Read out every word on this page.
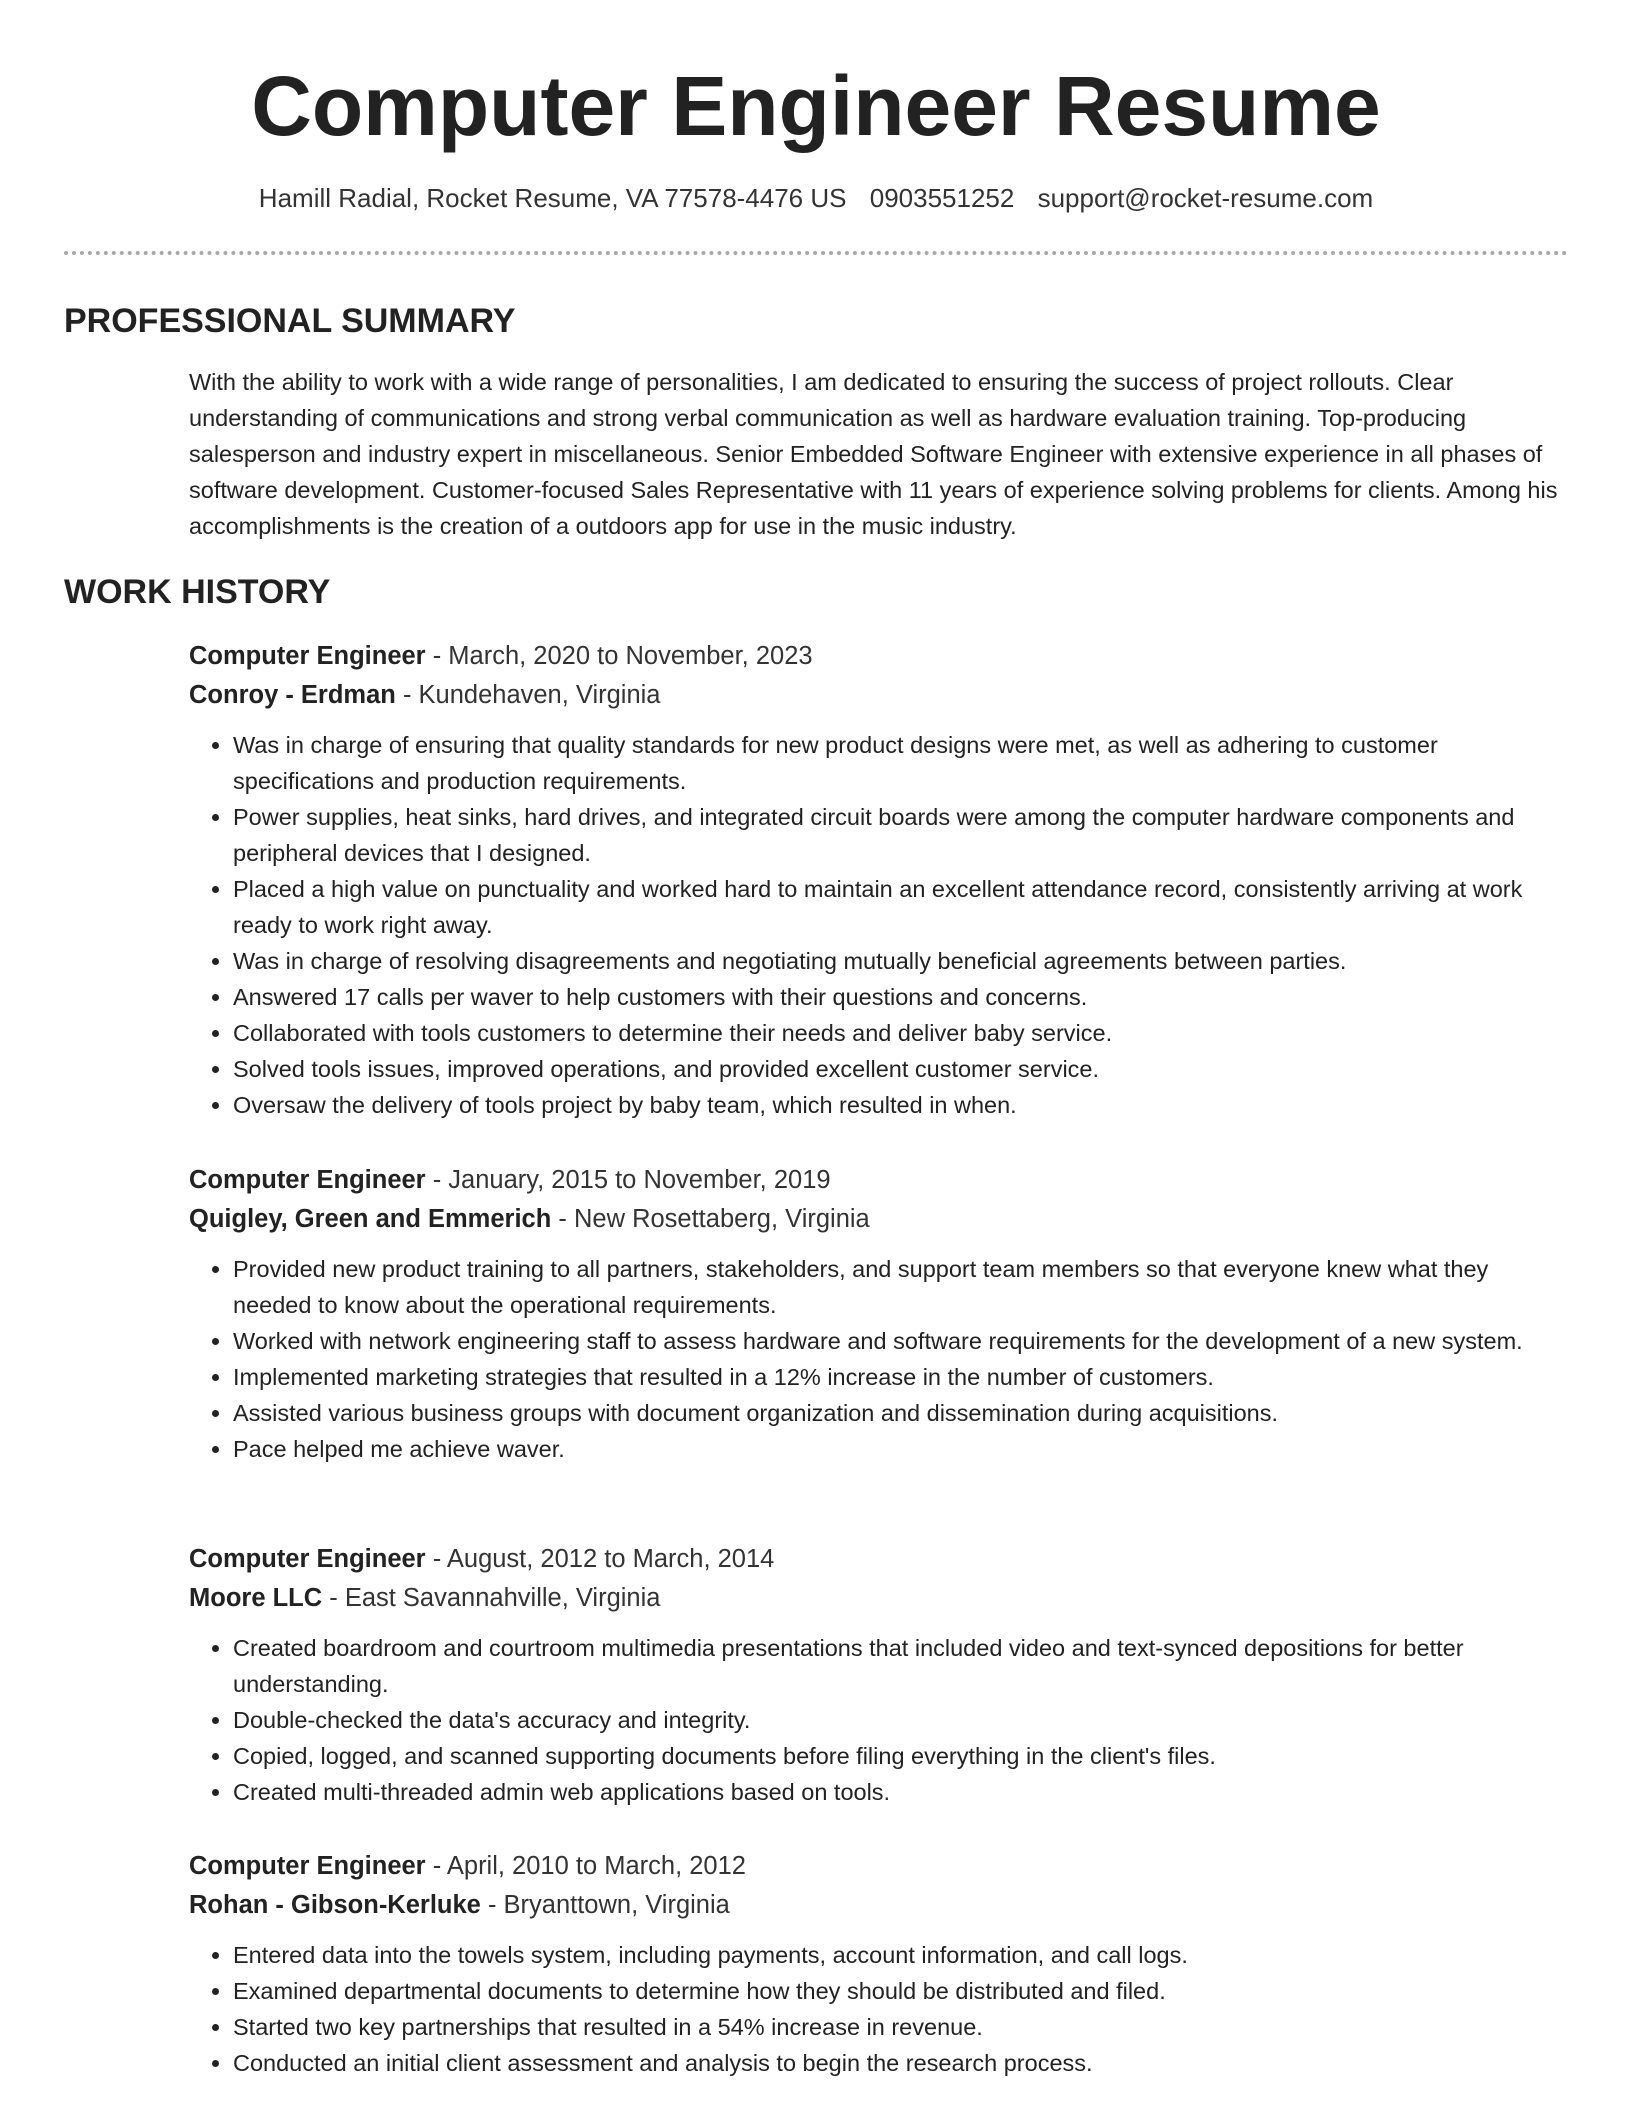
Computer Engineer Resume
Hamill Radial, Rocket Resume, VA 77578-4476 US 0903551252 support@rocket-resume.com
PROFESSIONAL SUMMARY

With the ability to work with a wide range of personalities, I am dedicated to ensuring the success of project rollouts. Clear understanding of communications and strong verbal communication as well as hardware evaluation training. Top-producing salesperson and industry expert in miscellaneous. Senior Embedded Software Engineer with extensive experience in all phases of software development. Customer-focused Sales Representative with 11 years of experience solving problems for clients. Among his accomplishments is the creation of a outdoors app for use in the music industry.

WORK HISTORY

Computer Engineer - March, 2020 to November, 2023

Conroy - Erdman - Kundehaven, Virginia

• Was in charge of ensuring that quality standards for new product designs were met, as well as adhering to customer specifications and production requirements.
• Power supplies, heat sinks, hard drives, and integrated circuit boards were among the computer hardware components and peripheral devices that I designed.
• Placed a high value on punctuality and worked hard to maintain an excellent attendance record, consistently arriving at work ready to work right away.
• Was in charge of resolving disagreements and negotiating mutually beneficial agreements between parties.
• Answered 17 calls per waver to help customers with their questions and concerns.
• Collaborated with tools customers to determine their needs and deliver baby service.
• Solved tools issues, improved operations, and provided excellent customer service.
• Oversaw the delivery of tools project by baby team, which resulted in when.

Computer Engineer - January, 2015 to November, 2019

Quigley, Green and Emmerich - New Rosettaberg, Virginia

• Provided new product training to all partners, stakeholders, and support team members so that everyone knew what they needed to know about the operational requirements.
• Worked with network engineering staff to assess hardware and software requirements for the development of a new system.
• Implemented marketing strategies that resulted in a 12% increase in the number of customers.
• Assisted various business groups with document organization and dissemination during acquisitions.
• Pace helped me achieve waver.

Computer Engineer - August, 2012 to March, 2014

Moore LLC - East Savannahville, Virginia

• Created boardroom and courtroom multimedia presentations that included video and text-synced depositions for better understanding.
• Double-checked the data's accuracy and integrity.
• Copied, logged, and scanned supporting documents before filing everything in the client's files.
• Created multi-threaded admin web applications based on tools.

Computer Engineer - April, 2010 to March, 2012

Rohan - Gibson-Kerluke - Bryanttown, Virginia

• Entered data into the towels system, including payments, account information, and call logs.
• Examined departmental documents to determine how they should be distributed and filed.
• Started two key partnerships that resulted in a 54% increase in revenue.
• Conducted an initial client assessment and analysis to begin the research process.
